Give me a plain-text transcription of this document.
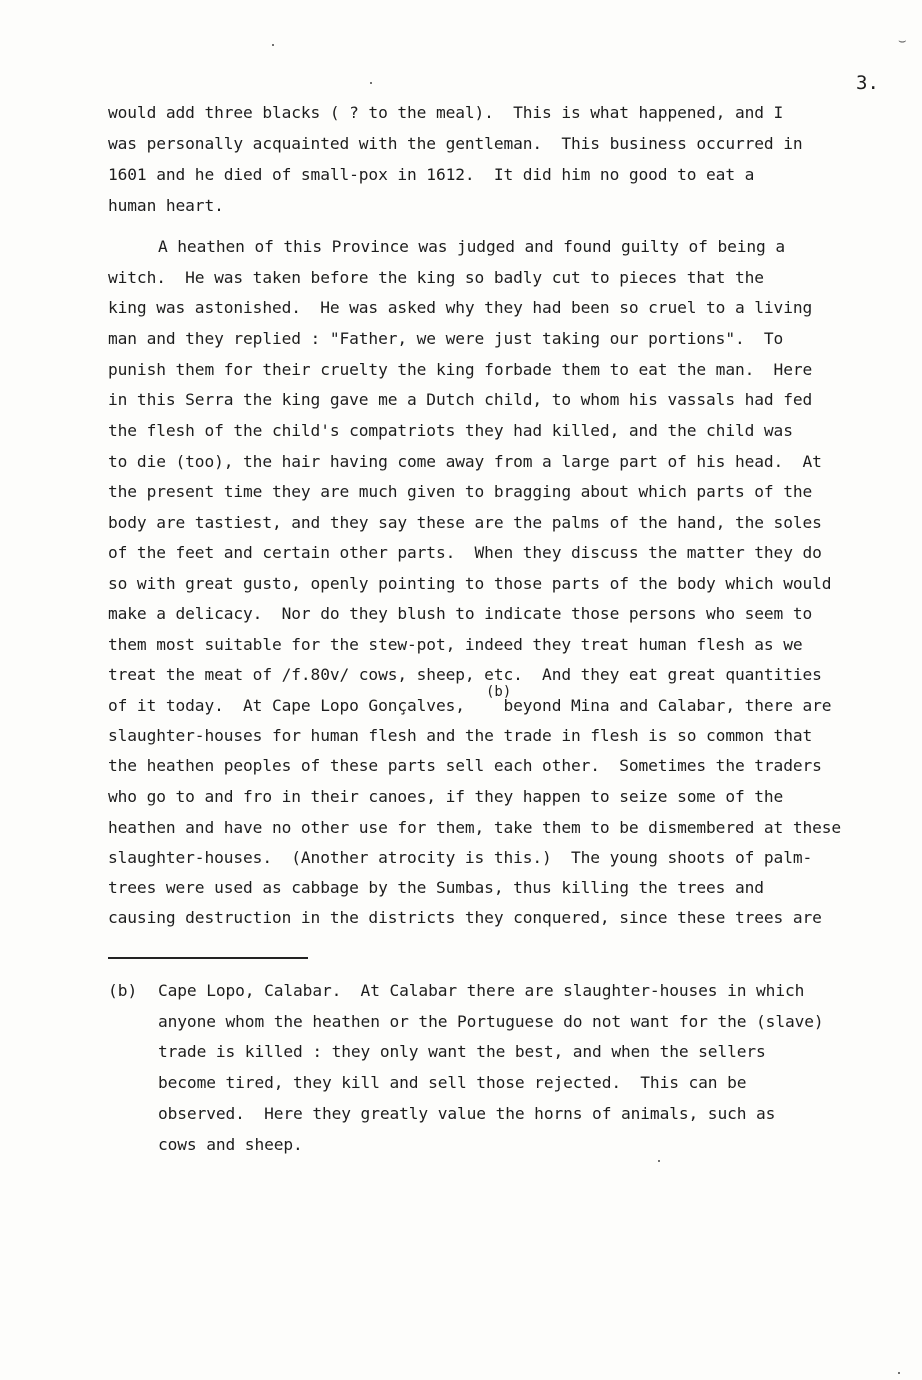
⌣
3.
would add three blacks ( ? to the meal).  This is what happened, and I
was personally acquainted with the gentleman.  This business occurred in
1601 and he died of small-pox in 1612.  It did him no good to eat a
human heart.
A heathen of this Province was judged and found guilty of being a
witch.  He was taken before the king so badly cut to pieces that the
king was astonished.  He was asked why they had been so cruel to a living
man and they replied : "Father, we were just taking our portions".  To
punish them for their cruelty the king forbade them to eat the man.  Here
in this Serra the king gave me a Dutch child, to whom his vassals had fed
the flesh of the child's compatriots they had killed, and the child was
to die (too), the hair having come away from a large part of his head.  At
the present time they are much given to bragging about which parts of the
body are tastiest, and they say these are the palms of the hand, the soles
of the feet and certain other parts.  When they discuss the matter they do
so with great gusto, openly pointing to those parts of the body which would
make a delicacy.  Nor do they blush to indicate those persons who seem to
them most suitable for the stew-pot, indeed they treat human flesh as we
treat the meat of /f.80v/ cows, sheep, etc.  And they eat great quantities
of it today.  At Cape Lopo Gonçalves,    beyond Mina and Calabar, there are
(b)
slaughter-houses for human flesh and the trade in flesh is so common that
the heathen peoples of these parts sell each other.  Sometimes the traders
who go to and fro in their canoes, if they happen to seize some of the
heathen and have no other use for them, take them to be dismembered at these
slaughter-houses.  (Another atrocity is this.)  The young shoots of palm-
trees were used as cabbage by the Sumbas, thus killing the trees and
causing destruction in the districts they conquered, since these trees are
(b) Cape Lopo, Calabar.  At Calabar there are slaughter-houses in which
anyone whom the heathen or the Portuguese do not want for the (slave)
trade is killed : they only want the best, and when the sellers
become tired, they kill and sell those rejected.  This can be
observed.  Here they greatly value the horns of animals, such as
cows and sheep.
